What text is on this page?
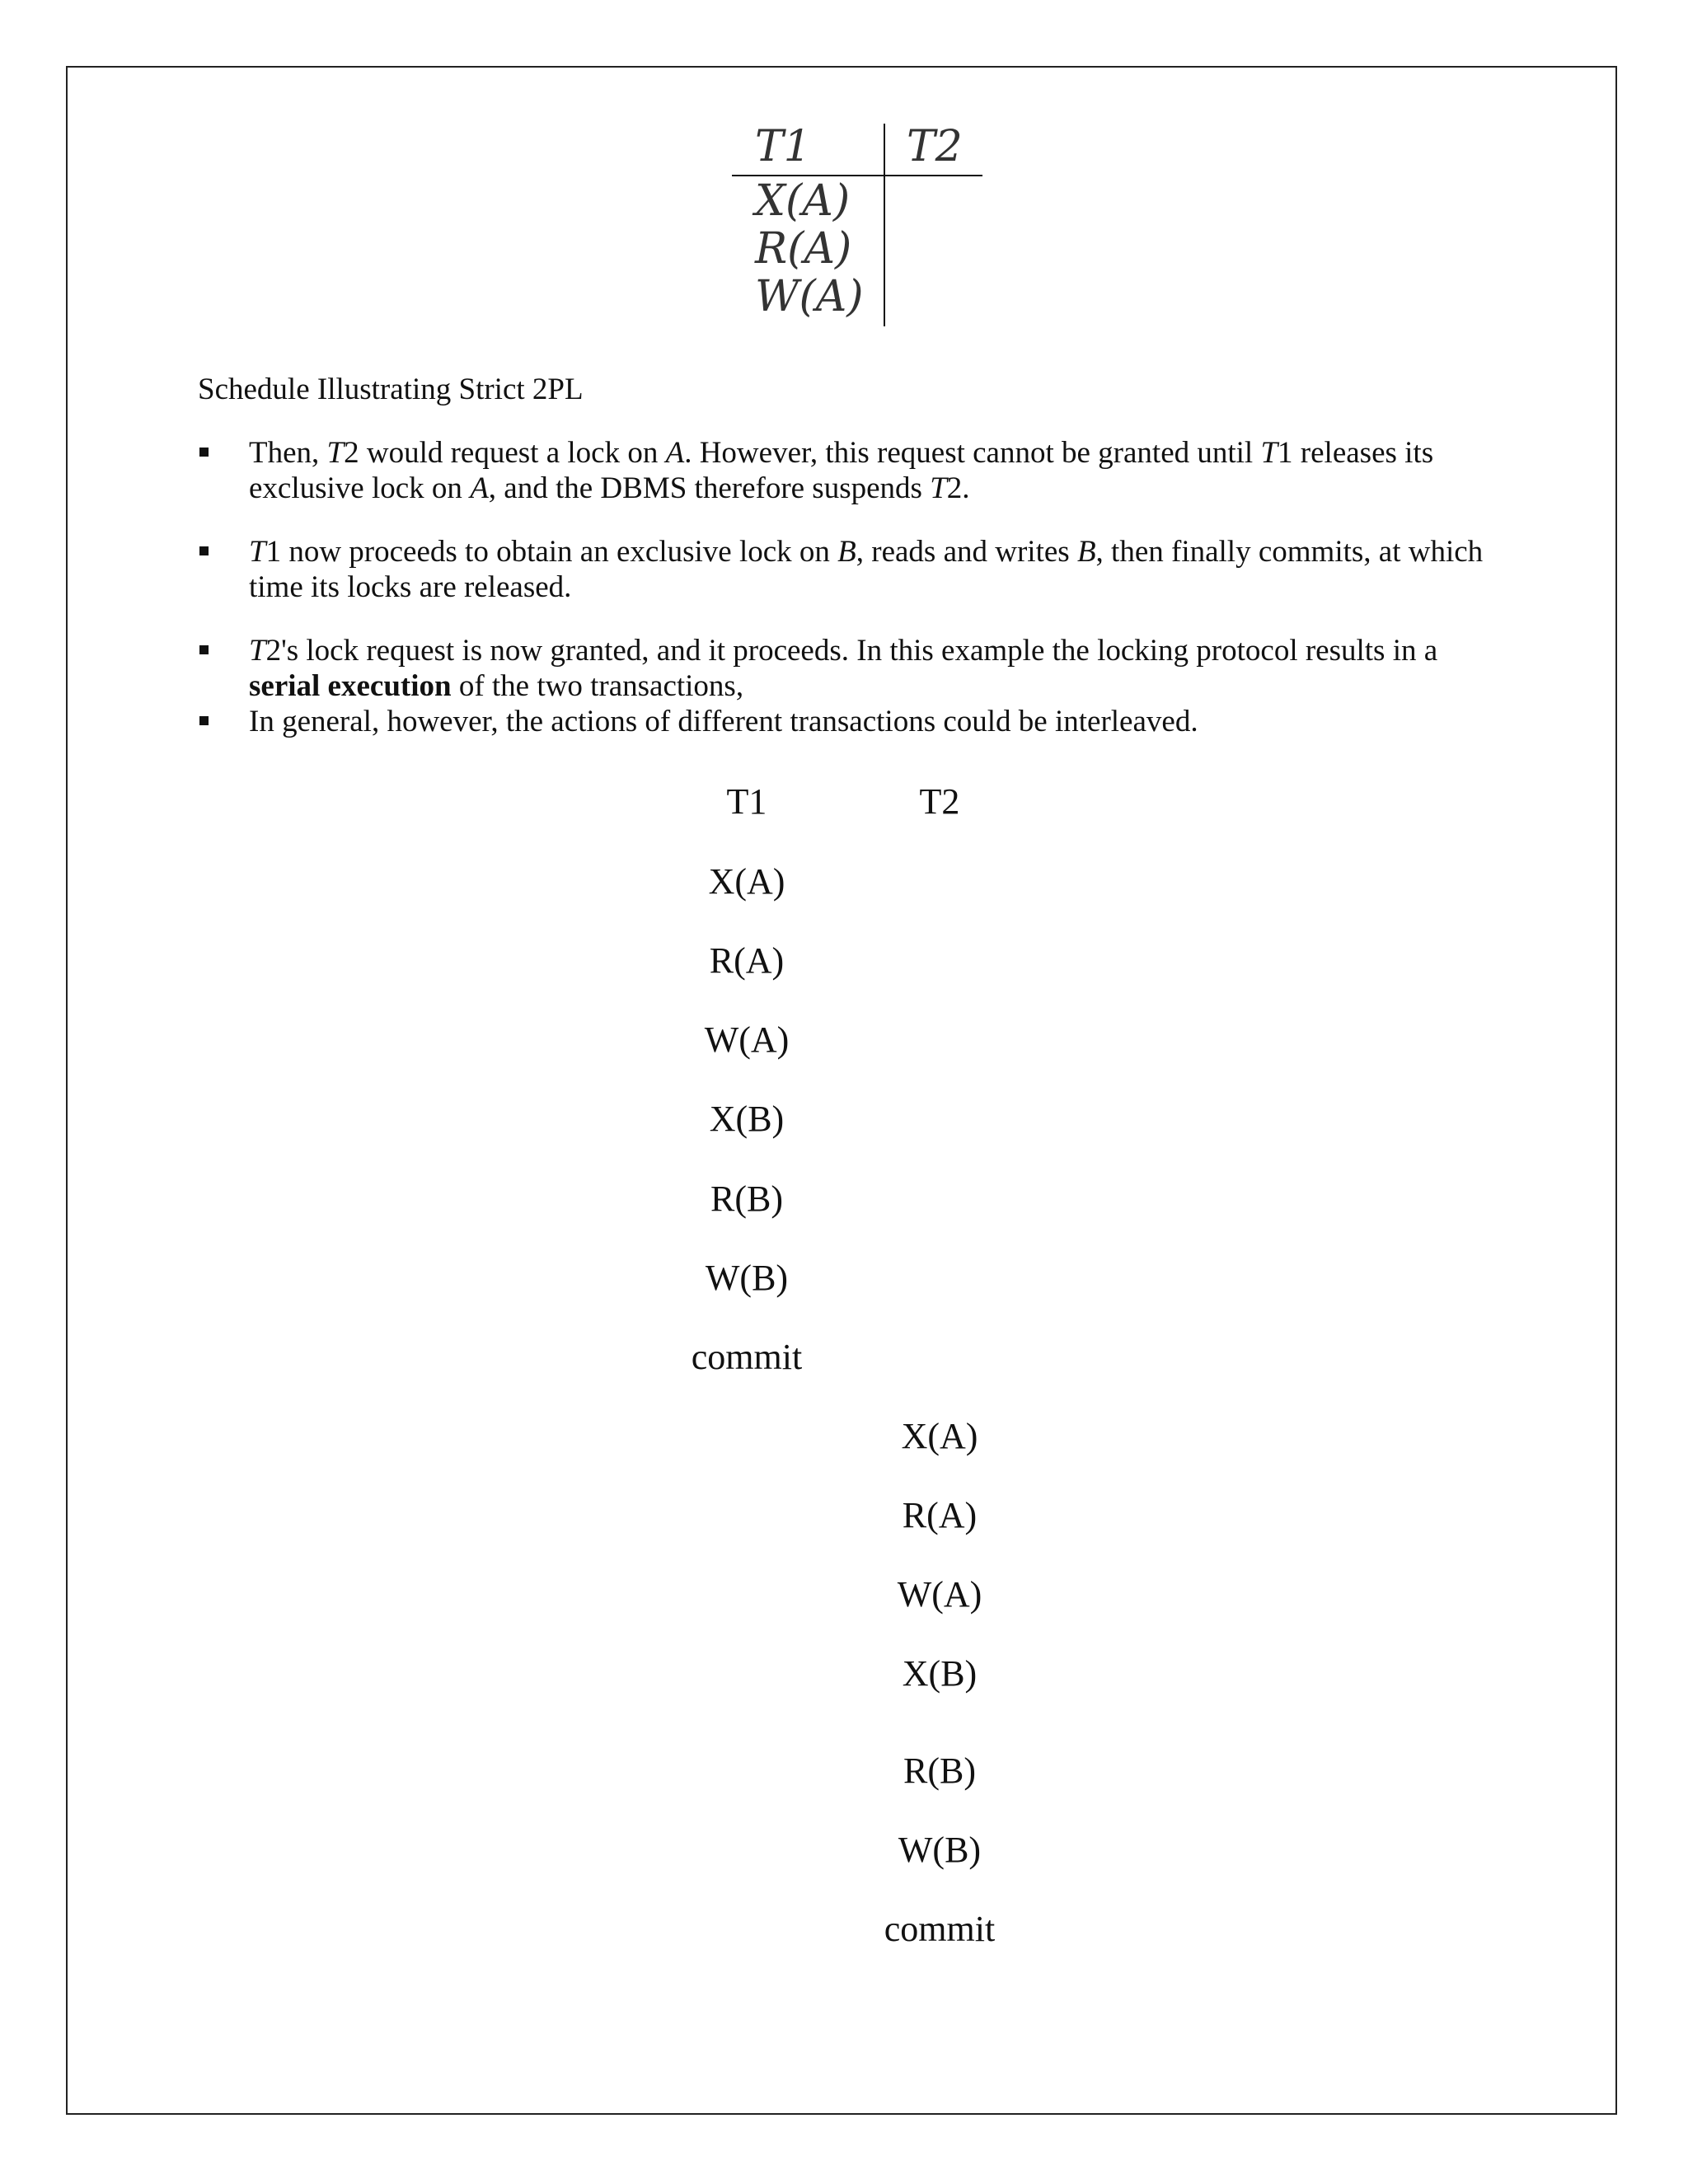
T1 T2
X(A)
R(A)
W(A)
Schedule Illustrating Strict 2PL
Then, T2 would request a lock on A. However, this request cannot be granted until T1 releases its exclusive lock on A, and the DBMS therefore suspends T2.
T1 now proceeds to obtain an exclusive lock on B, reads and writes B, then finally commits, at which time its locks are released.
T2's lock request is now granted, and it proceeds. In this example the locking protocol results in a serial execution of the two transactions,
In general, however, the actions of different transactions could be interleaved.
T1	T2
X(A)
R(A)
W(A)
X(B)
R(B)
W(B)
commit
X(A)
R(A)
W(A)
X(B)
R(B)
W(B)
commit
